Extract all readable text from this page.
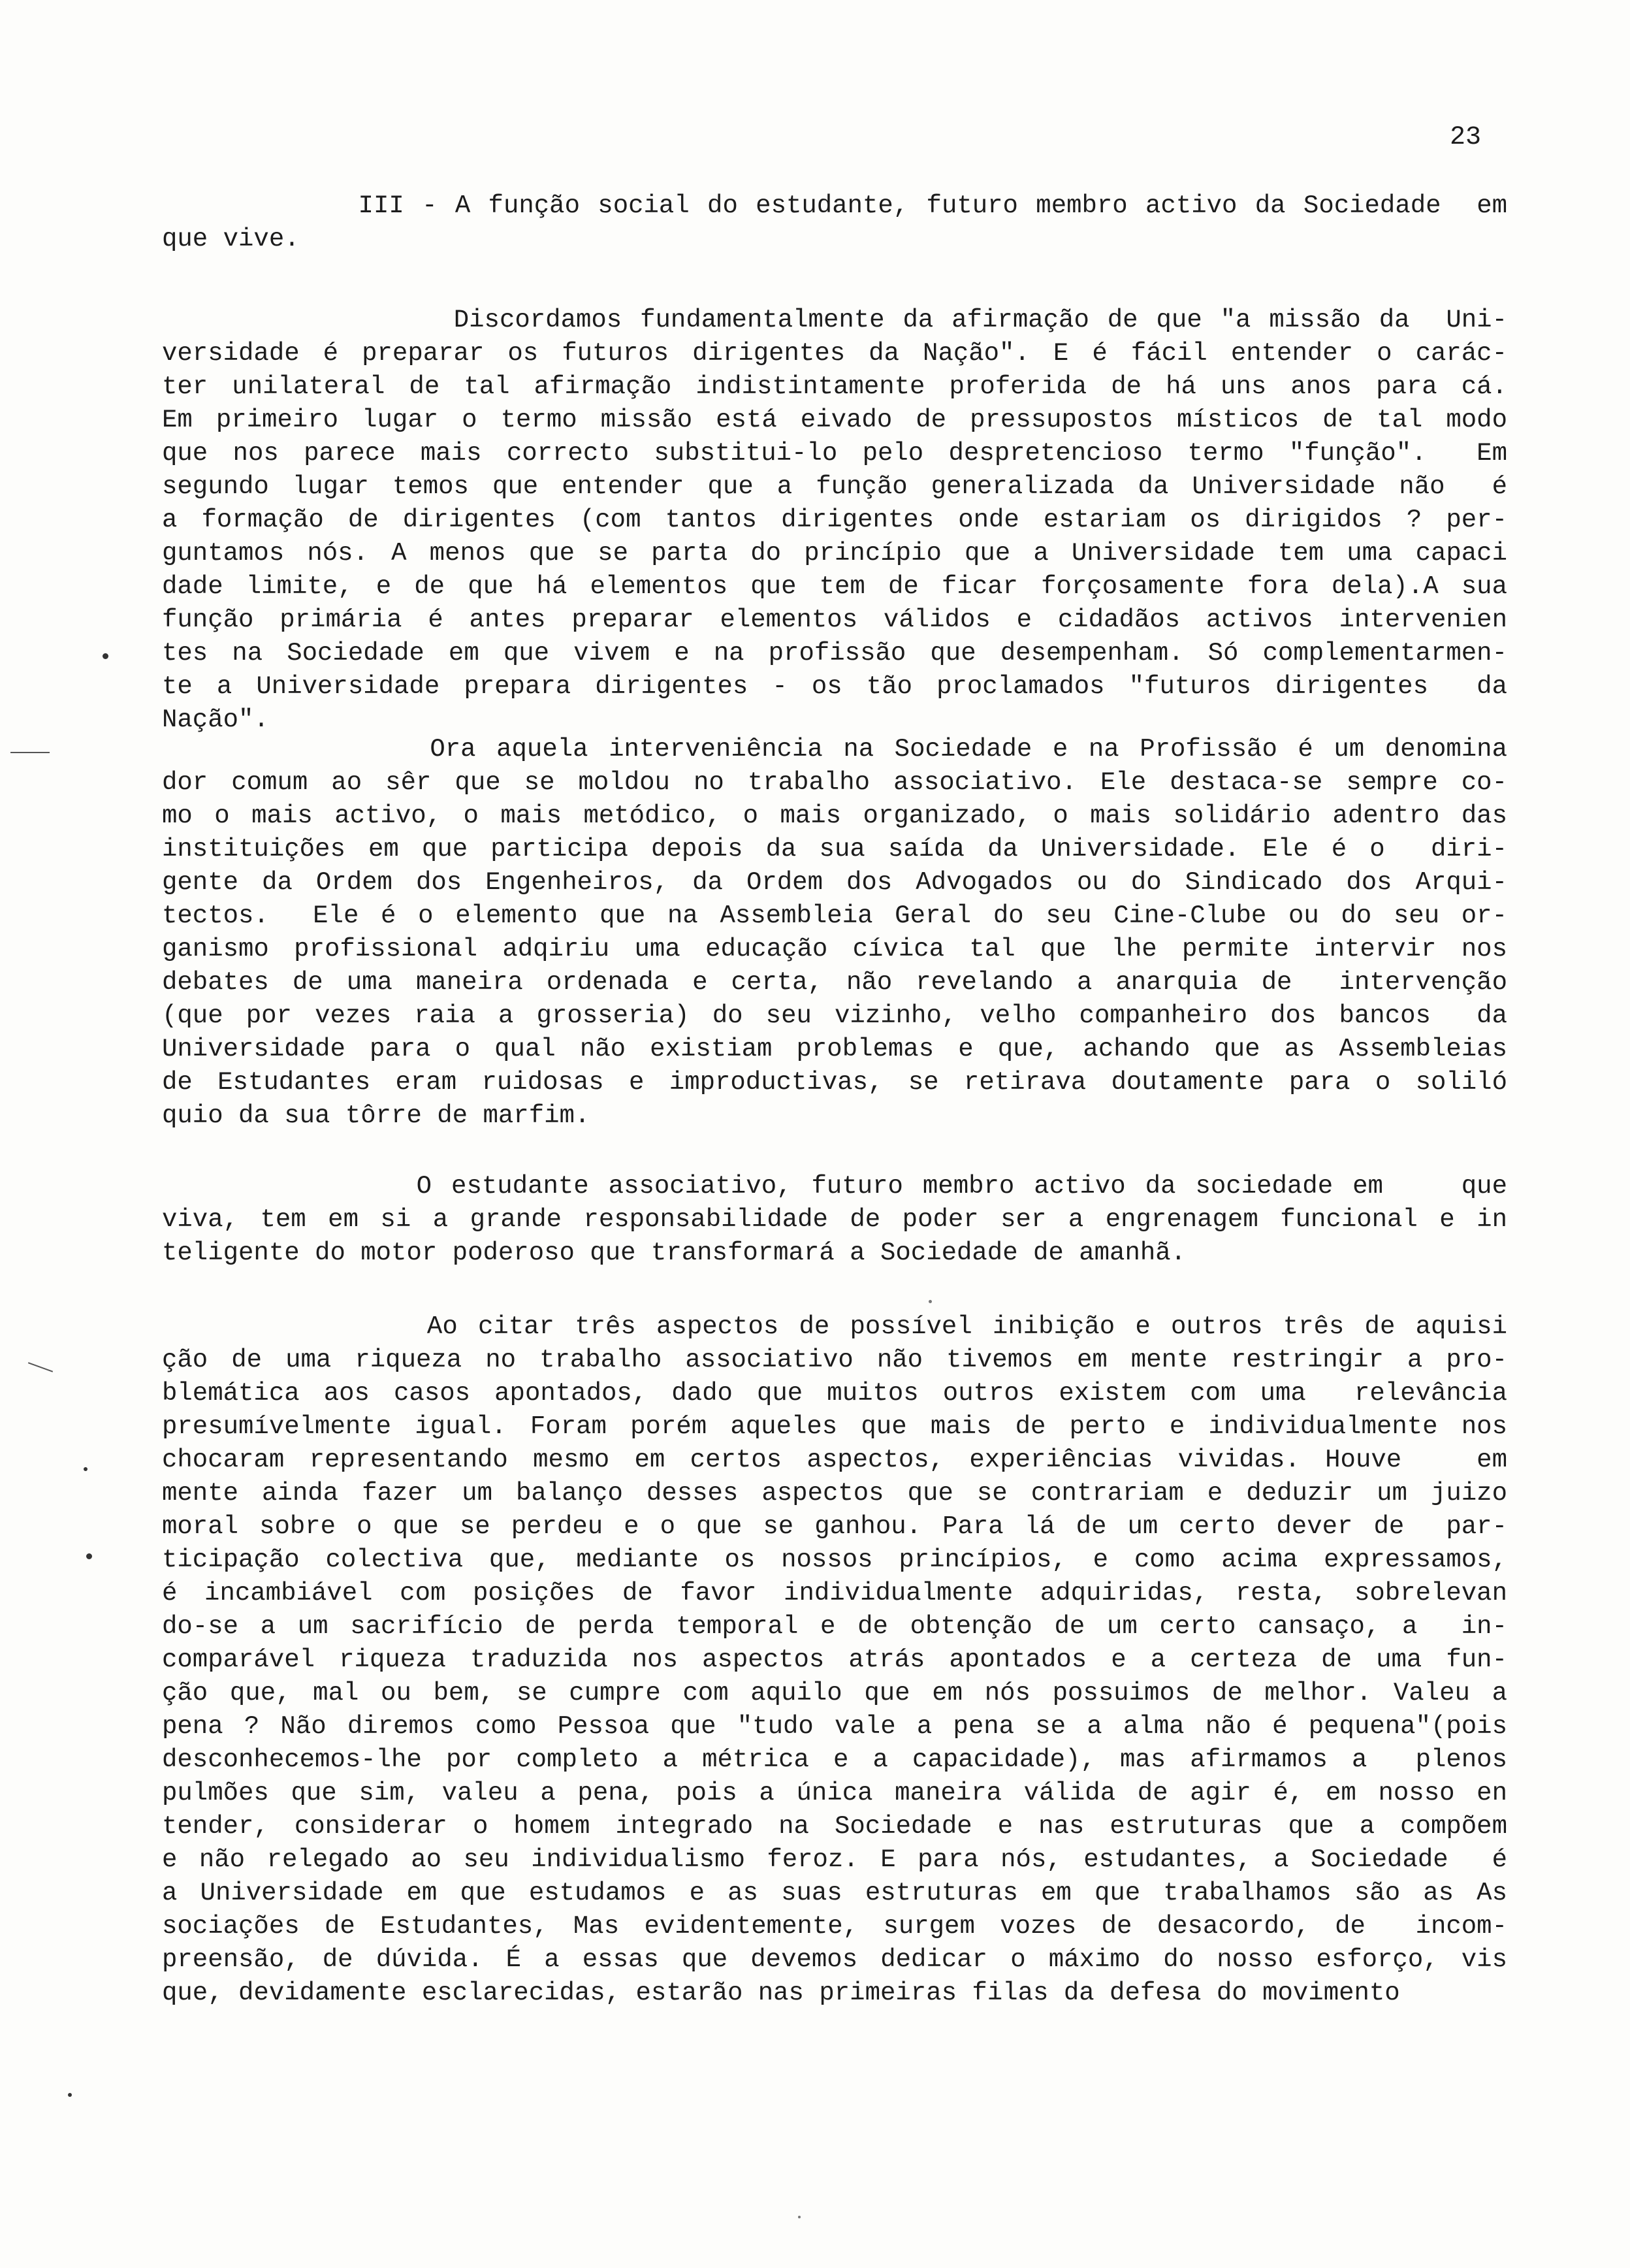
23
III - A função social do estudante, futuro membro activo da Sociedade  em
que vive.
Discordamos fundamentalmente da afirmação de que "a missão da  Uni-
versidade é preparar os futuros dirigentes da Nação". E é fácil entender o carác-
ter unilateral de tal afirmação indistintamente proferida de há uns anos para cá.
Em primeiro lugar o termo missão está eivado de pressupostos místicos de tal modo
que nos parece mais correcto substitui-lo pelo despretencioso termo "função".  Em
segundo lugar temos que entender que a função generalizada da Universidade não  é
a formação de dirigentes (com tantos dirigentes onde estariam os dirigidos ? per-
guntamos nós. A menos que se parta do princípio que a Universidade tem uma capaci
dade limite, e de que há elementos que tem de ficar forçosamente fora dela).A sua
função primária é antes preparar elementos válidos e cidadãos activos intervenien
tes na Sociedade em que vivem e na profissão que desempenham. Só complementarmen-
te a Universidade prepara dirigentes - os tão proclamados "futuros dirigentes  da
Nação".
Ora aquela interveniência na Sociedade e na Profissão é um denomina
dor comum ao sêr que se moldou no trabalho associativo. Ele destaca-se sempre co-
mo o mais activo, o mais metódico, o mais organizado, o mais solidário adentro das
instituições em que participa depois da sua saída da Universidade. Ele é o  diri-
gente da Ordem dos Engenheiros, da Ordem dos Advogados ou do Sindicado dos Arqui-
tectos.  Ele é o elemento que na Assembleia Geral do seu Cine-Clube ou do seu or-
ganismo profissional adqiriu uma educação cívica tal que lhe permite intervir nos
debates de uma maneira ordenada e certa, não revelando a anarquia de  intervenção
(que por vezes raia a grosseria) do seu vizinho, velho companheiro dos bancos  da
Universidade para o qual não existiam problemas e que, achando que as Assembleias
de Estudantes eram ruidosas e improductivas, se retirava doutamente para o soliló
quio da sua tôrre de marfim.
O estudante associativo, futuro membro activo da sociedade em    que
viva, tem em si a grande responsabilidade de poder ser a engrenagem funcional e in
teligente do motor poderoso que transformará a Sociedade de amanhã.
Ao citar três aspectos de possível inibição e outros três de aquisi
ção de uma riqueza no trabalho associativo não tivemos em mente restringir a pro-
blemática aos casos apontados, dado que muitos outros existem com uma  relevância
presumívelmente igual. Foram porém aqueles que mais de perto e individualmente nos
chocaram representando mesmo em certos aspectos, experiências vividas. Houve   em
mente ainda fazer um balanço desses aspectos que se contrariam e deduzir um juizo
moral sobre o que se perdeu e o que se ganhou. Para lá de um certo dever de  par-
ticipação colectiva que, mediante os nossos princípios, e como acima expressamos,
é incambiável com posições de favor individualmente adquiridas, resta, sobrelevan
do-se a um sacrifício de perda temporal e de obtenção de um certo cansaço, a  in-
comparável riqueza traduzida nos aspectos atrás apontados e a certeza de uma fun-
ção que, mal ou bem, se cumpre com aquilo que em nós possuimos de melhor. Valeu a
pena ? Não diremos como Pessoa que "tudo vale a pena se a alma não é pequena"(pois
desconhecemos-lhe por completo a métrica e a capacidade), mas afirmamos a  plenos
pulmões que sim, valeu a pena, pois a única maneira válida de agir é, em nosso en
tender, considerar o homem integrado na Sociedade e nas estruturas que a compõem
e não relegado ao seu individualismo feroz. E para nós, estudantes, a Sociedade  é
a Universidade em que estudamos e as suas estruturas em que trabalhamos são as As
sociações de Estudantes, Mas evidentemente, surgem vozes de desacordo, de  incom-
preensão, de dúvida. É a essas que devemos dedicar o máximo do nosso esforço, vis
que, devidamente esclarecidas, estarão nas primeiras filas da defesa do movimento
